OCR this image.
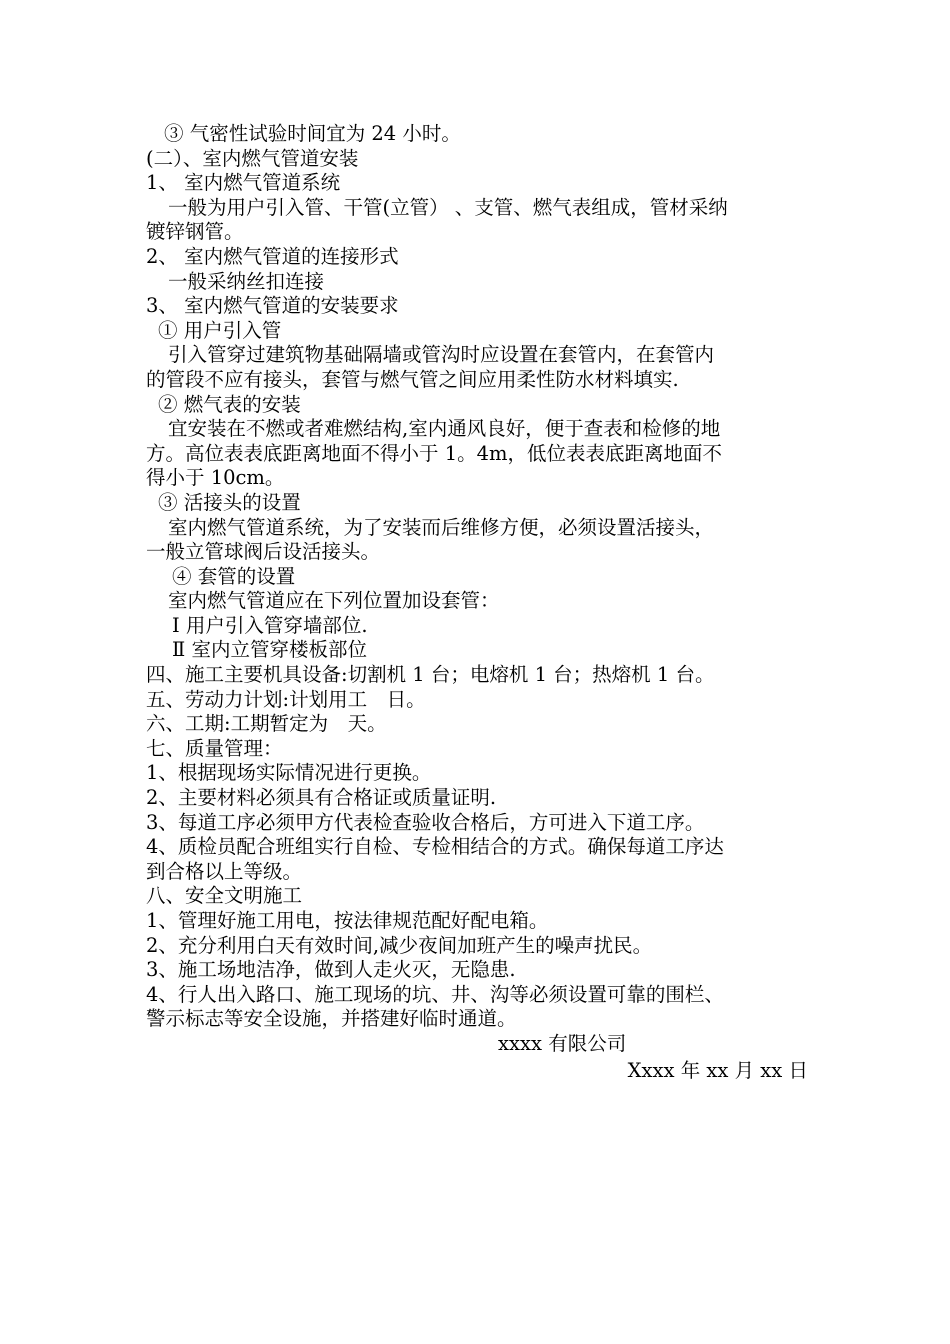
③ 气密性试验时间宜为 24 小时。
(二）、室内燃气管道安装
1、 室内燃气管道系统
一般为用户引入管、干管(立管） 、支管、燃气表组成，管材采纳
镀锌钢管。
2、 室内燃气管道的连接形式
一般采纳丝扣连接
3、 室内燃气管道的安装要求
① 用户引入管
引入管穿过建筑物基础隔墙或管沟时应设置在套管内，在套管内
的管段不应有接头，套管与燃气管之间应用柔性防水材料填实.
② 燃气表的安装
宜安装在不燃或者难燃结构,室内通风良好，便于查表和检修的地
方。高位表表底距离地面不得小于 1。4m，低位表表底距离地面不
得小于 10cm。
③ 活接头的设置
室内燃气管道系统，为了安装而后维修方便，必须设置活接头，
一般立管球阀后设活接头。
④ 套管的设置
室内燃气管道应在下列位置加设套管：
Ⅰ 用户引入管穿墙部位.
Ⅱ 室内立管穿楼板部位
四、施工主要机具设备:切割机 1 台；电熔机 1 台；热熔机 1 台。
五、劳动力计划:计划用工　日。
六、工期:工期暂定为　天。
七、质量管理：
1、根据现场实际情况进行更换。
2、主要材料必须具有合格证或质量证明.
3、每道工序必须甲方代表检查验收合格后，方可进入下道工序。
4、质检员配合班组实行自检、专检相结合的方式。确保每道工序达
到合格以上等级。
八、安全文明施工
1、管理好施工用电，按法律规范配好配电箱。
2、充分利用白天有效时间,减少夜间加班产生的噪声扰民。
3、施工场地洁净，做到人走火灭，无隐患.
4、行人出入路口、施工现场的坑、井、沟等必须设置可靠的围栏、
警示标志等安全设施，并搭建好临时通道。
xxxx 有限公司
Xxxx 年 xx 月 xx 日
